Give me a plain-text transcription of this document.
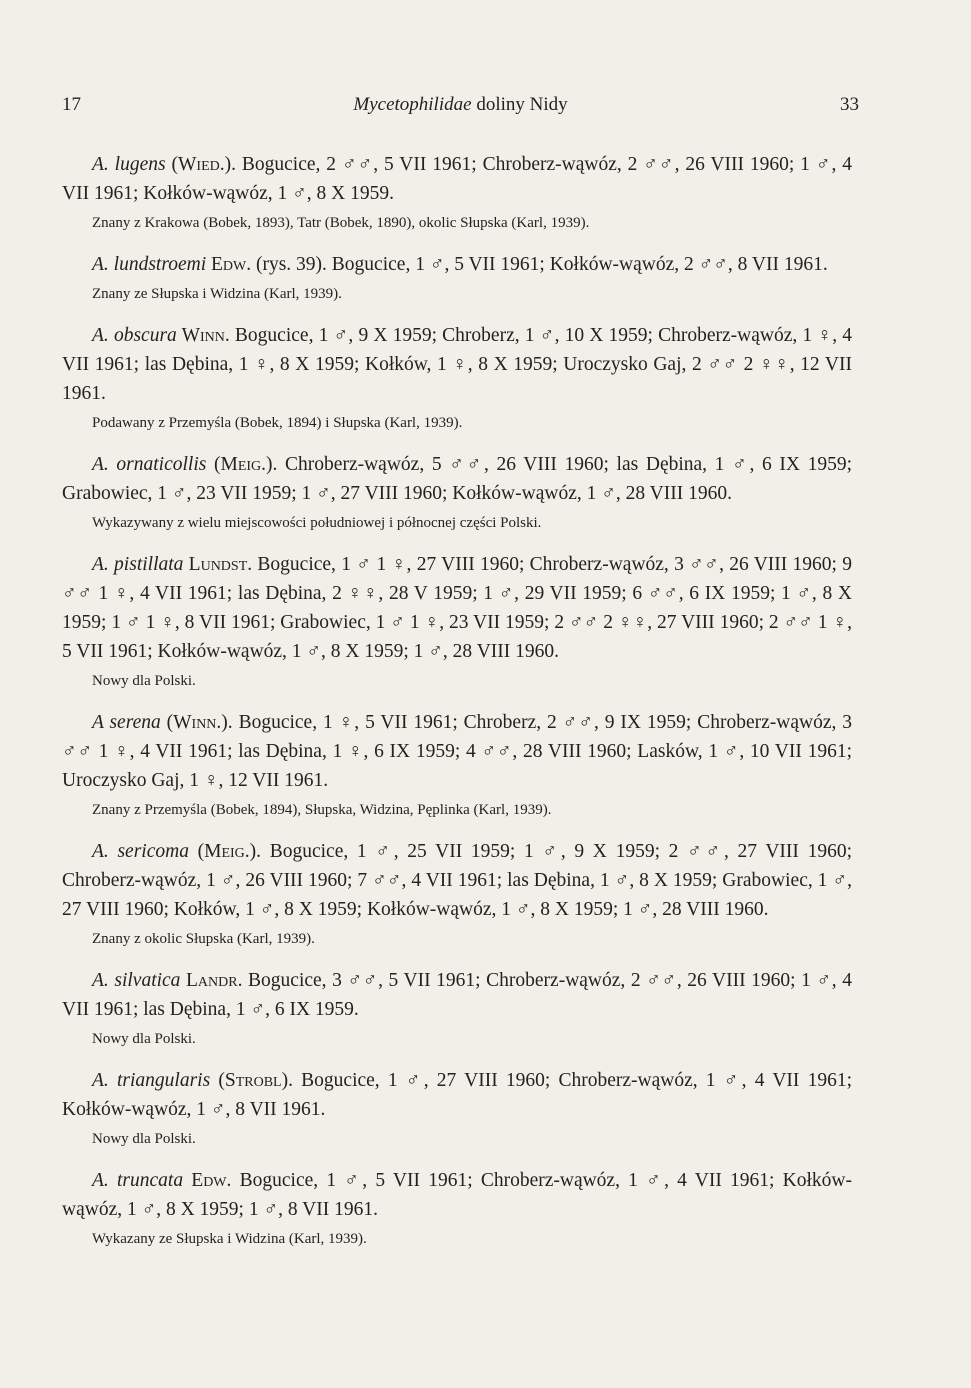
17	Mycetophilidae doliny Nidy	33

A. lugens (Wied.). Bogucice, 2 ♂♂, 5 VII 1961; Chroberz-wąwóz, 2 ♂♂, 26 VIII 1960; 1 ♂, 4 VII 1961; Kołków-wąwóz, 1 ♂, 8 X 1959.

Znany z Krakowa (Bobek, 1893), Tatr (Bobek, 1890), okolic Słupska (Karl, 1939).

A. lundstroemi Edw. (rys. 39). Bogucice, 1 ♂, 5 VII 1961; Kołków-wąwóz, 2 ♂♂, 8 VII 1961.

Znany ze Słupska i Widzina (Karl, 1939).

A. obscura Winn. Bogucice, 1 ♂, 9 X 1959; Chroberz, 1 ♂, 10 X 1959; Chroberz-wąwóz, 1 ♀, 4 VII 1961; las Dębina, 1 ♀, 8 X 1959; Kołków, 1 ♀, 8 X 1959; Uroczysko Gaj, 2 ♂♂ 2 ♀♀, 12 VII 1961.

Podawany z Przemyśla (Bobek, 1894) i Słupska (Karl, 1939).

A. ornaticollis (Meig.). Chroberz-wąwóz, 5 ♂♂, 26 VIII 1960; las Dębina, 1 ♂, 6 IX 1959; Grabowiec, 1 ♂, 23 VII 1959; 1 ♂, 27 VIII 1960; Kołków-wąwóz, 1 ♂, 28 VIII 1960.

Wykazywany z wielu miejscowości południowej i północnej części Polski.

A. pistillata Lundst. Bogucice, 1 ♂ 1 ♀, 27 VIII 1960; Chroberz-wąwóz, 3 ♂♂, 26 VIII 1960; 9 ♂♂ 1 ♀, 4 VII 1961; las Dębina, 2 ♀♀, 28 V 1959; 1 ♂, 29 VII 1959; 6 ♂♂, 6 IX 1959; 1 ♂, 8 X 1959; 1 ♂ 1 ♀, 8 VII 1961; Grabowiec, 1 ♂ 1 ♀, 23 VII 1959; 2 ♂♂ 2 ♀♀, 27 VIII 1960; 2 ♂♂ 1 ♀, 5 VII 1961; Kołków-wąwóz, 1 ♂, 8 X 1959; 1 ♂, 28 VIII 1960.

Nowy dla Polski.

A serena (Winn.). Bogucice, 1 ♀, 5 VII 1961; Chroberz, 2 ♂♂, 9 IX 1959; Chroberz-wąwóz, 3 ♂♂ 1 ♀, 4 VII 1961; las Dębina, 1 ♀, 6 IX 1959; 4 ♂♂, 28 VIII 1960; Lasków, 1 ♂, 10 VII 1961; Uroczysko Gaj, 1 ♀, 12 VII 1961.

Znany z Przemyśla (Bobek, 1894), Słupska, Widzina, Pęplinka (Karl, 1939).

A. sericoma (Meig.). Bogucice, 1 ♂, 25 VII 1959; 1 ♂, 9 X 1959; 2 ♂♂, 27 VIII 1960; Chroberz-wąwóz, 1 ♂, 26 VIII 1960; 7 ♂♂, 4 VII 1961; las Dębina, 1 ♂, 8 X 1959; Grabowiec, 1 ♂, 27 VIII 1960; Kołków, 1 ♂, 8 X 1959; Kołków-wąwóz, 1 ♂, 8 X 1959; 1 ♂, 28 VIII 1960.

Znany z okolic Słupska (Karl, 1939).

A. silvatica Landr. Bogucice, 3 ♂♂, 5 VII 1961; Chroberz-wąwóz, 2 ♂♂, 26 VIII 1960; 1 ♂, 4 VII 1961; las Dębina, 1 ♂, 6 IX 1959.

Nowy dla Polski.

A. triangularis (Strobl). Bogucice, 1 ♂, 27 VIII 1960; Chroberz-wąwóz, 1 ♂, 4 VII 1961; Kołków-wąwóz, 1 ♂, 8 VII 1961.

Nowy dla Polski.

A. truncata Edw. Bogucice, 1 ♂, 5 VII 1961; Chroberz-wąwóz, 1 ♂, 4 VII 1961; Kołków-wąwóz, 1 ♂, 8 X 1959; 1 ♂, 8 VII 1961.

Wykazany ze Słupska i Widzina (Karl, 1939).
